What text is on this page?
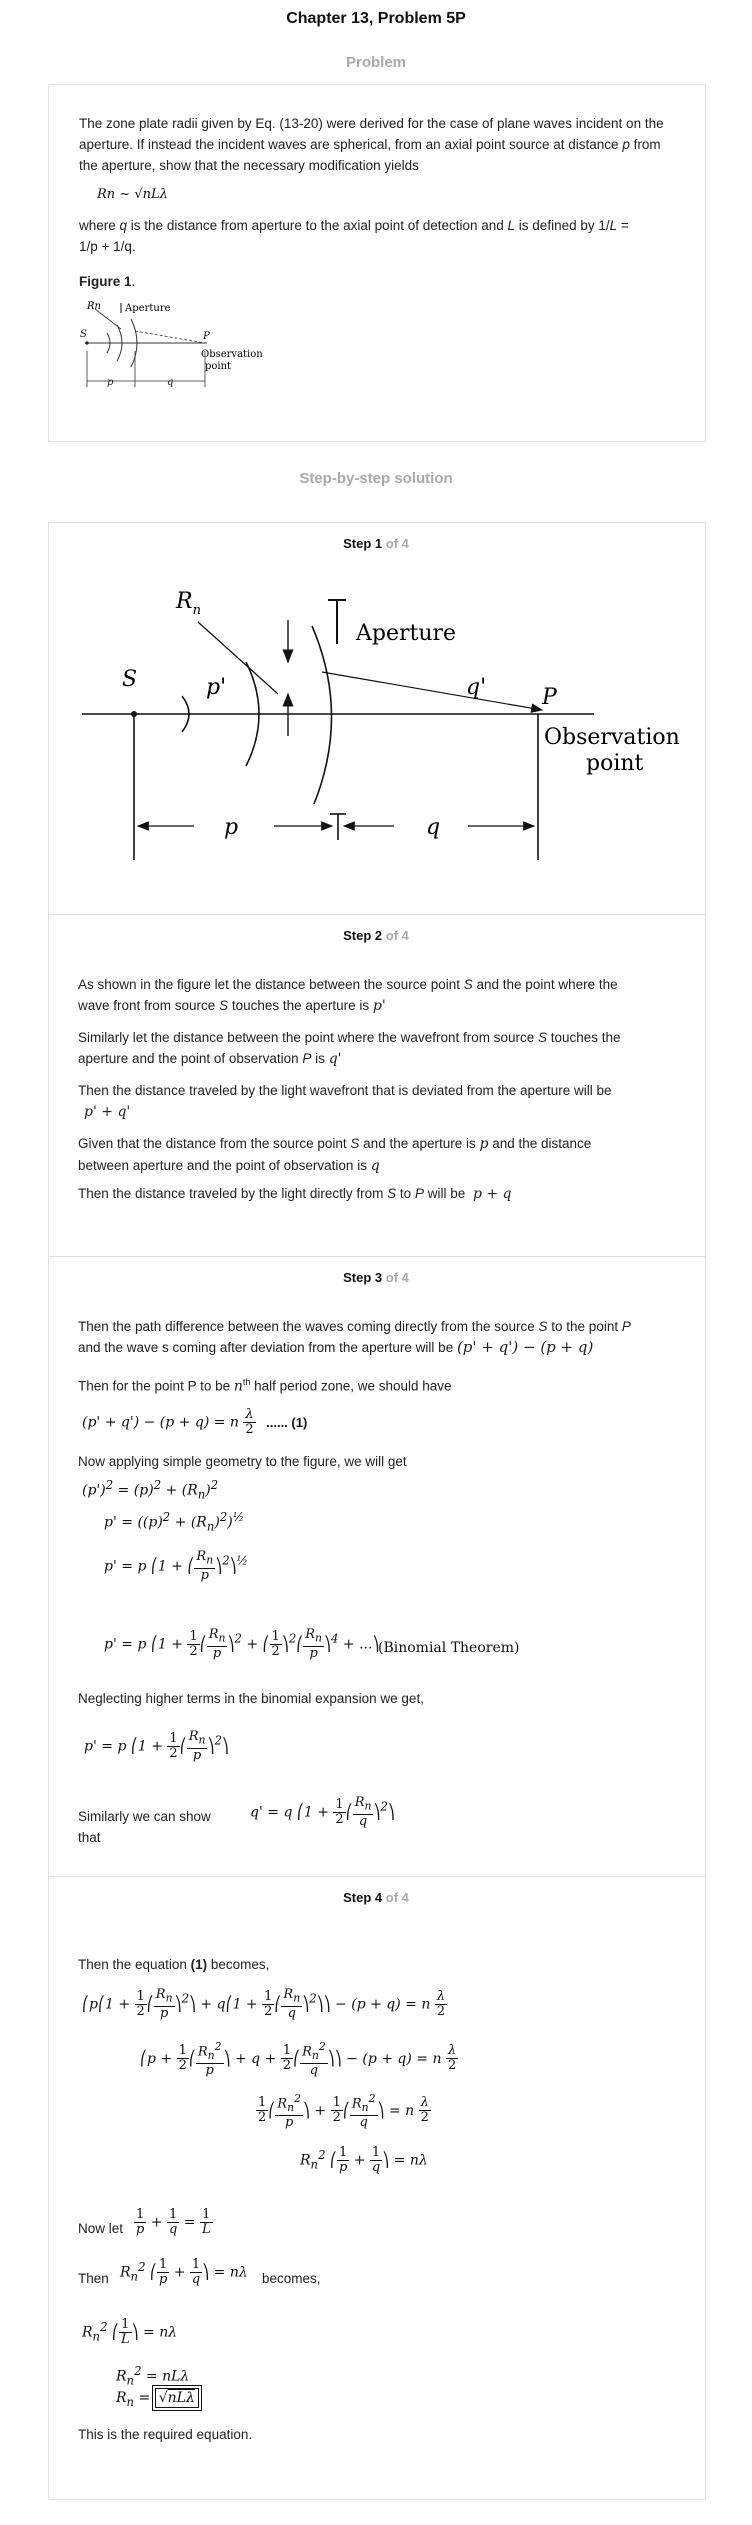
Chapter 13, Problem 5P
Problem
The zone plate radii given by Eq. (13-20) were derived for the case of plane waves incident on the aperture. If instead the incident waves are spherical, from an axial point source at distance p from the aperture, show that the necessary modification yields
Rn ~ √nLλ
where q is the distance from aperture to the axial point of detection and L is defined by 1/L =
1/p + 1/q.
Figure 1.
Rn Aperture
S	P
Observation
point
p	q
Step-by-step solution
Step 1 of 4
$R_n$
Aperture
S	p'	q'	P
Observation
point
p	q
Step 2 of 4
As shown in the figure let the distance between the source point S and the point where the
wave front from source S touches the aperture is p'
Similarly let the distance between the point where the wavefront from source S touches the
aperture and the point of observation P is q'
Then the distance traveled by the light wavefront that is deviated from the aperture will be
p' + q'
Given that the distance from the source point S and the aperture is p and the distance
between aperture and the point of observation is q
Then the distance traveled by the light directly from S to P will be p + q
Step 3 of 4
Then the path difference between the waves coming directly from the source S to the point P
and the wave s coming after deviation from the aperture will be (p' + q') − (p + q)
Then for the point P to be $n^{th}$ half period zone, we should have
(p' + q') − (p + q) = n $\frac{\lambda}{2}$ ...... (1)
Now applying simple geometry to the figure, we will get
$(p')^2 = (p)^2 + (R_n)^2$
$p' = ((p)^2 + (R_n)^2)^{\frac{1}{2}}$
p' = p ⎛1 + ⎛ $\frac{R_n}{p}$ ⎞$^2$⎞$^{\frac{1}{2}}$
p' = p ⎛1 + $\frac{1}{2}$ ⎛ $\frac{R_n}{p}$ ⎞$^2$ + ⎛ $\frac{1}{2}$ ⎞$^2$⎛ $\frac{R_n}{p}$ ⎞$^4$ + ...⎞
(Binomial Theorem)
Neglecting higher terms in the binomial expansion we get,
p' = p ⎛1 + $\frac{1}{2}$ ⎛ $\frac{R_n}{p}$ ⎞$^2$⎞
Similarly we can show that
q' = q ⎛1 + $\frac{1}{2}$ ⎛ $\frac{R_n}{q}$ ⎞$^2$⎞
Step 4 of 4
Then the equation (1) becomes,
⎛p⎛1 + $\frac{1}{2}$ ⎛ $\frac{R_n}{p}$ ⎞$^2$⎞ + q⎛1 + $\frac{1}{2}$ ⎛ $\frac{R_n}{q}$ ⎞$^2$⎞⎞ − (p + q) = n $\frac{\lambda}{2}$
⎛p + $\frac{1}{2}$ ⎛ $\frac{R_n^2}{p}$ ⎞ + $q + \frac{1}{2}$ ⎛ $\frac{R_n^2}{q}$ ⎞⎞ − (p + q) = n $\frac{\lambda}{2}$
$\frac{1}{2}$ ⎛ $\frac{R_n^2}{p}$ ⎞ + $\frac{1}{2}$ ⎛ $\frac{R_n^2}{q}$ ⎞ = n $\frac{\lambda}{2}$
$R_n^2$ ⎛ $\frac{1}{p} + \frac{1}{q}$ ⎞ = nλ
Now let $\frac{1}{p} + \frac{1}{q} = \frac{1}{L}$
Then $R_n^2$ ⎛ $\frac{1}{p} + \frac{1}{q}$ ⎞ = nλ becomes,
$R_n^2$ ⎛ $\frac{1}{L}$ ⎞ = nλ
$R_n^2 = nL\lambda$
$R_n = √nL\lambda$
This is the required equation.
